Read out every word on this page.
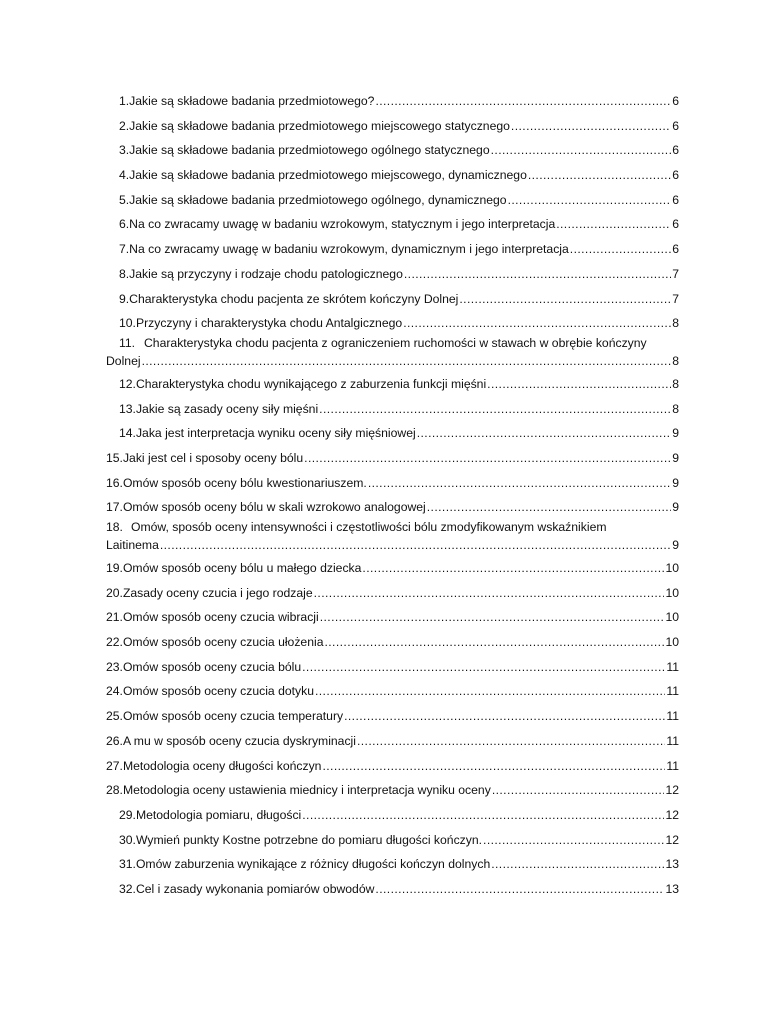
1. Jakie są składowe badania przedmiotowego? .....	6
2. Jakie są składowe badania przedmiotowego miejscowego statycznego .....	6
3. Jakie są składowe badania przedmiotowego ogólnego statycznego .....	6
4. Jakie są składowe badania przedmiotowego miejscowego, dynamicznego .....	6
5. Jakie są składowe badania przedmiotowego ogólnego, dynamicznego .....	6
6. Na co zwracamy uwagę w badaniu wzrokowym, statycznym i jego interpretacja .....	6
7. Na co zwracamy uwagę w badaniu wzrokowym, dynamicznym i jego interpretacja .....	6
8. Jakie są przyczyny i rodzaje chodu patologicznego .....	7
9. Charakterystyka chodu pacjenta ze skrótem kończyny Dolnej .....	7
10. Przyczyny i charakterystyka chodu Antalgicznego .....	8
11. Charakterystyka chodu pacjenta z ograniczeniem ruchomości w stawach w obrębie kończyny
Dolnej .....	8
12. Charakterystyka chodu wynikającego z zaburzenia funkcji mięśni .....	8
13. Jakie są zasady oceny siły mięśni .....	8
14. Jaka jest interpretacja wyniku oceny siły mięśniowej .....	9
15. Jaki jest cel i sposoby oceny bólu .....	9
16. Omów sposób oceny bólu kwestionariuszem. .....	9
17. Omów sposób oceny bólu w skali wzrokowo analogowej .....	9
18. Omów, sposób oceny intensywności i częstotliwości bólu zmodyfikowanym wskaźnikiem
Laitinema .....	9
19. Omów sposób oceny bólu u małego dziecka .....	10
20. Zasady oceny czucia i jego rodzaje .....	10
21. Omów sposób oceny czucia wibracji .....	10
22. Omów sposób oceny czucia ułożenia .....	10
23. Omów sposób oceny czucia bólu .....	11
24. Omów sposób oceny czucia dotyku .....	11
25. Omów sposób oceny czucia temperatury .....	11
26. A mu w sposób oceny czucia dyskryminacji .....	11
27. Metodologia oceny długości kończyn .....	11
28. Metodologia oceny ustawienia miednicy i interpretacja wyniku oceny .....	12
29. Metodologia pomiaru, długości .....	12
30. Wymień punkty Kostne potrzebne do pomiaru długości kończyn. .....	12
31. Omów zaburzenia wynikające z różnicy długości kończyn dolnych .....	13
32. Cel i zasady wykonania pomiarów obwodów .....	13
